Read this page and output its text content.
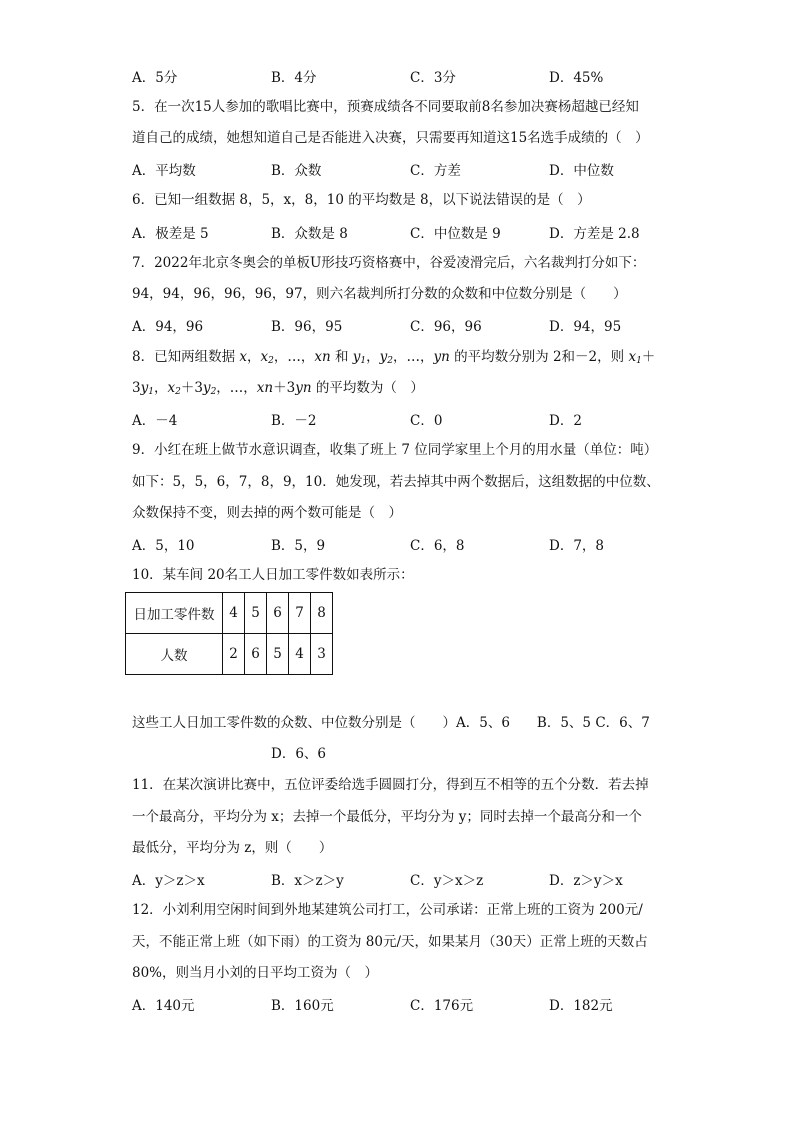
A．5分	B．4分	C．3分	D．45%
5．在一次15人参加的歌唱比赛中，预赛成绩各不同要取前8名参加决赛杨超越已经知
道自己的成绩，她想知道自己是否能进入决赛，只需要再知道这15名选手成绩的（　）
A．平均数	B．众数	C．方差	D．中位数
6．已知一组数据 8，5，x，8，10 的平均数是 8，以下说法错误的是（　）
A．极差是 5	B．众数是 8	C．中位数是 9	D．方差是 2.8
7．2022年北京冬奥会的单板U形技巧资格赛中，谷爱凌滑完后，六名裁判打分如下：
94，94，96，96，96，97，则六名裁判所打分数的众数和中位数分别是（　　）
A．94，96	B．96，95	C．96，96	D．94，95
8．已知两组数据 x，$x_2$，…，xn 和 $y_1$，$y_2$，…，yn 的平均数分别为 2和－2，则 $x_1+$
$3y_1$，$x_2+3y_2$，…，xn＋3yn 的平均数为（　）
A．－4	B．－2	C．0	D．2
9．小红在班上做节水意识调查，收集了班上 7 位同学家里上个月的用水量（单位：吨）
如下：5，5，6，7，8，9，10．她发现，若去掉其中两个数据后，这组数据的中位数、
众数保持不变，则去掉的两个数可能是（　）
A．5，10	B．5，9	C．6，8	D．7，8
10．某车间 20名工人日加工零件数如表所示：
日加工零件数	4	5	6	7	8
人数	2	6	5	4	3
这些工人日加工零件数的众数、中位数分别是（　　）A．5、6　　B．5、5 C．6、7
D．6、6
11．在某次演讲比赛中，五位评委给选手圆圆打分，得到互不相等的五个分数．若去掉
一个最高分，平均分为 x；去掉一个最低分，平均分为 y；同时去掉一个最高分和一个
最低分，平均分为 z，则（　　）
A．y＞z＞x	B．x＞z＞y	C．y＞x＞z	D．z＞y＞x
12．小刘利用空闲时间到外地某建筑公司打工，公司承诺：正常上班的工资为 200元/
天，不能正常上班（如下雨）的工资为 80元/天，如果某月（30天）正常上班的天数占
80%，则当月小刘的日平均工资为（　）
A．140元	B．160元	C．176元	D．182元
